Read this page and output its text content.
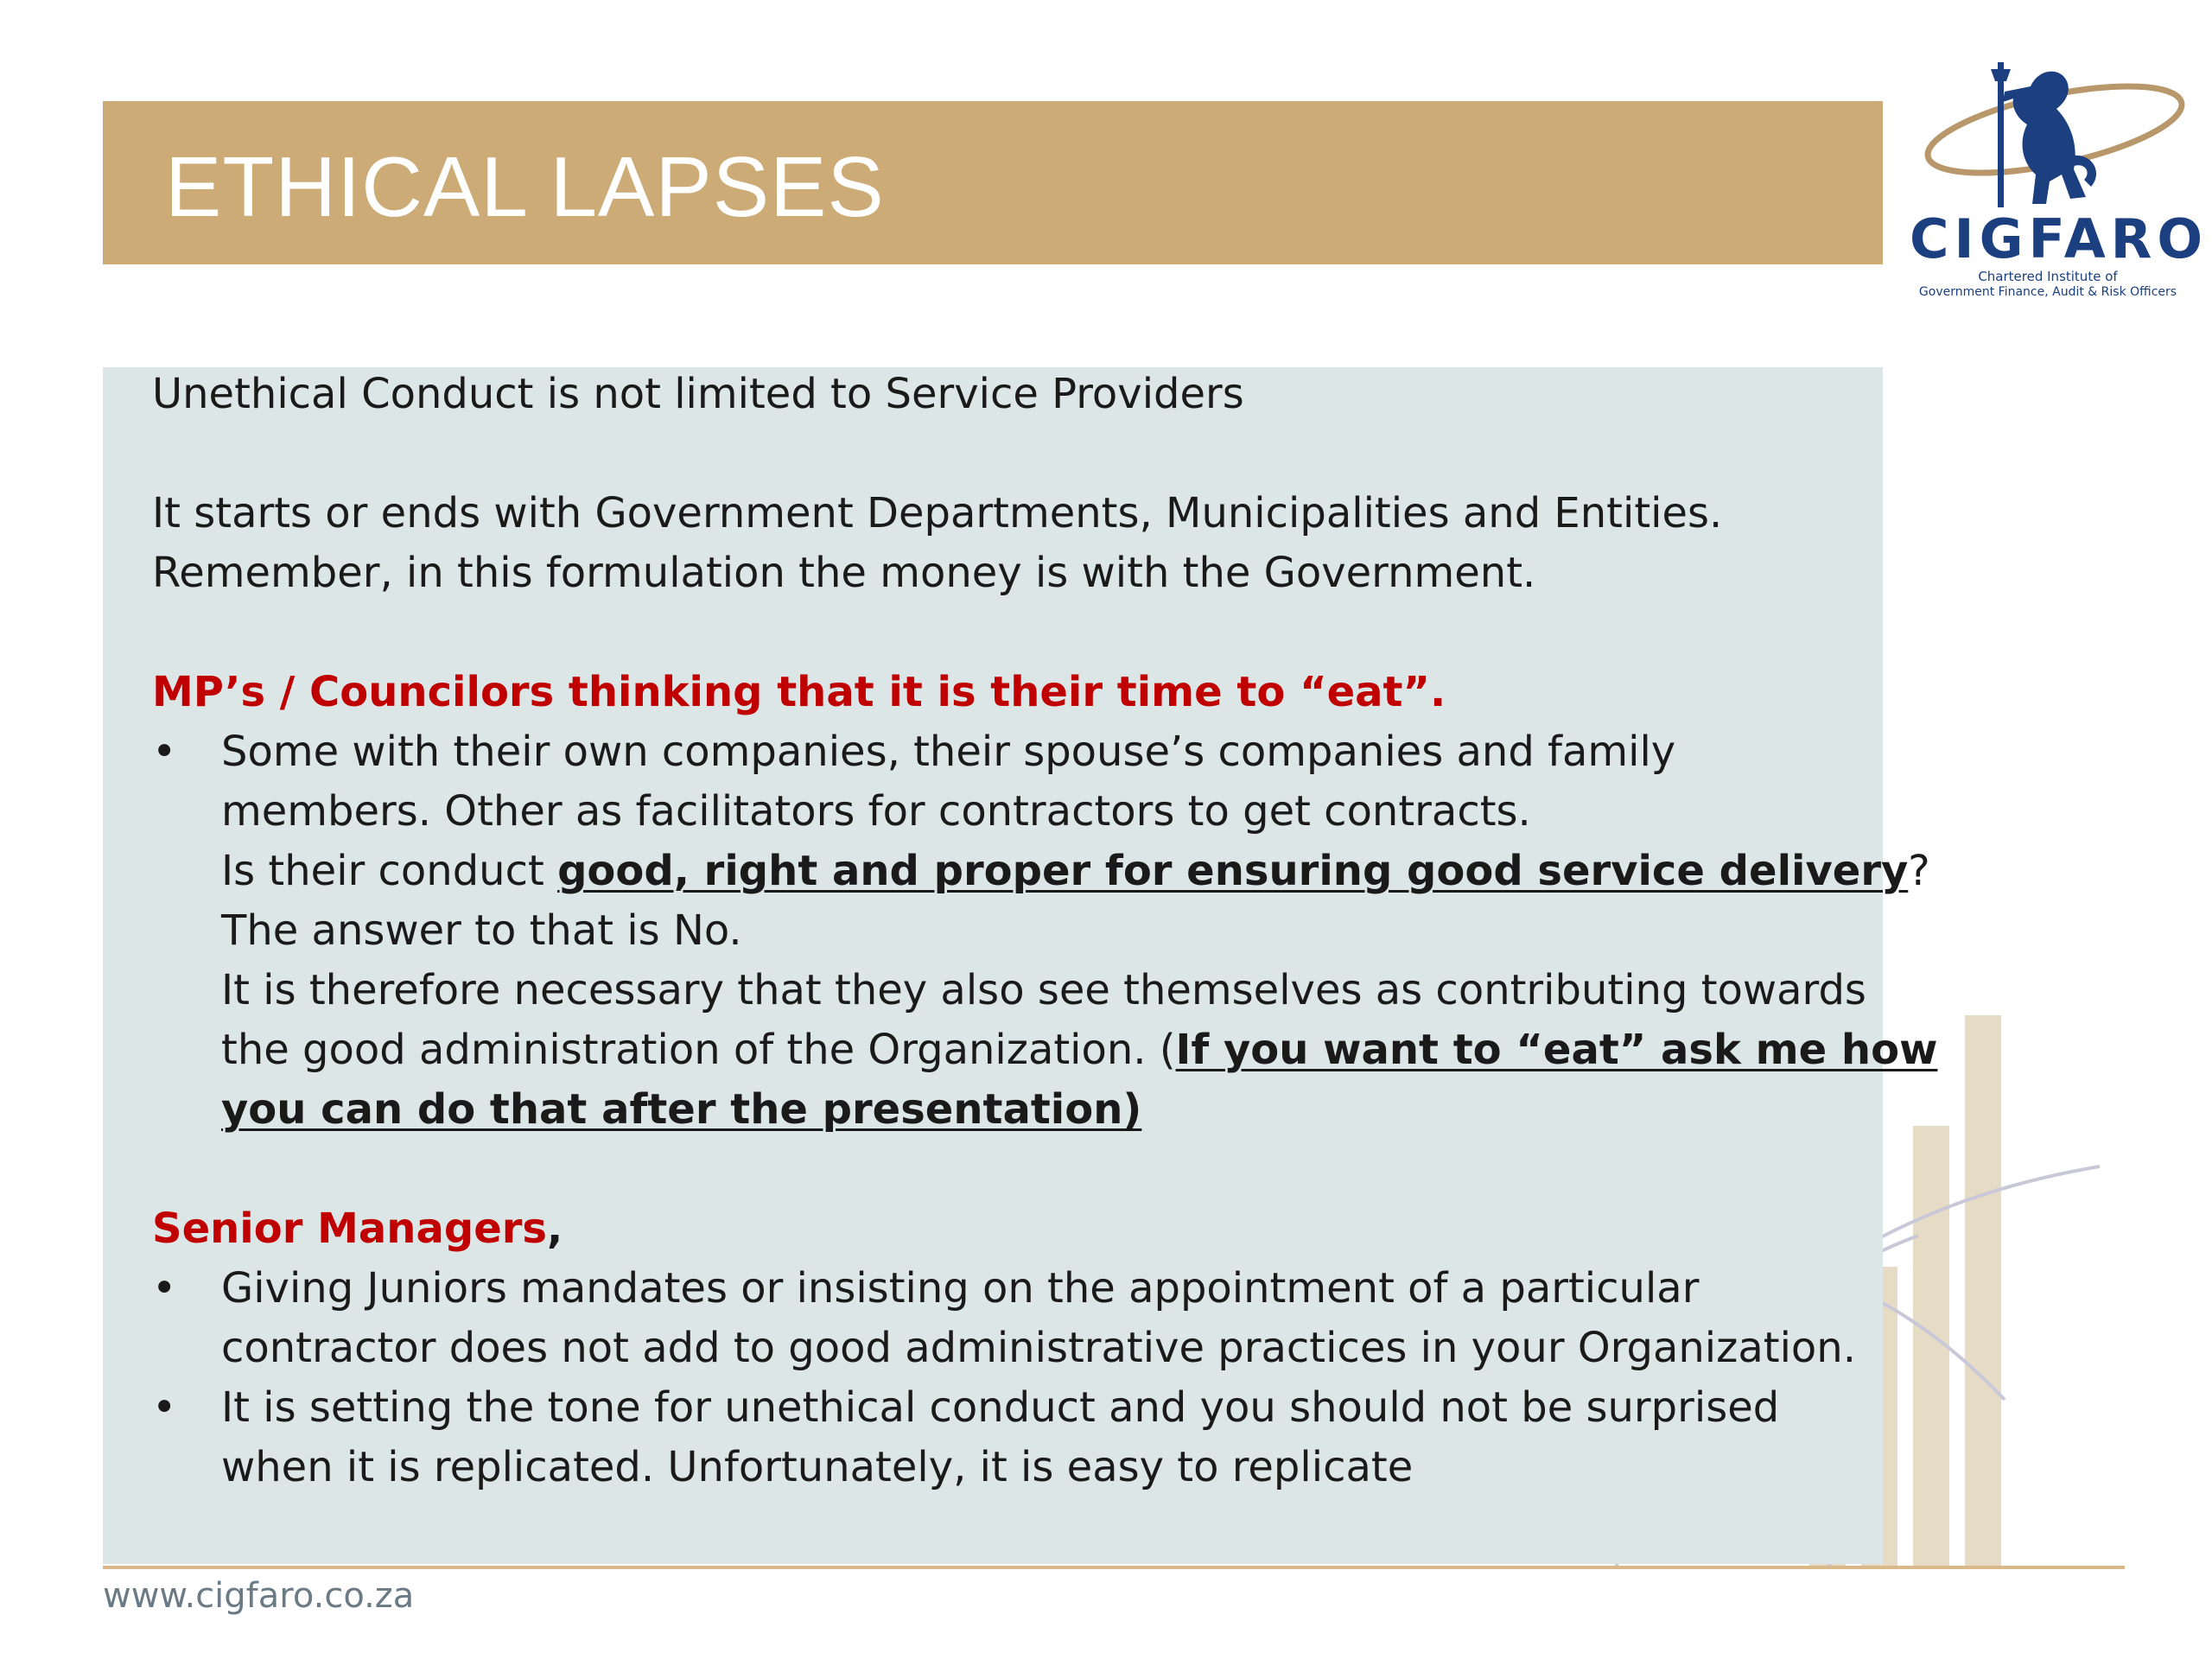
ETHICAL LAPSES
CIGFARO
Chartered Institute of
Government Finance, Audit & Risk Officers
Unethical Conduct is not limited to Service Providers
It starts or ends with Government Departments, Municipalities and Entities.
Remember, in this formulation the money is with the Government.
MP’s / Councilors thinking that it is their time to “eat”.
•	Some with their own companies, their spouse’s companies and family
members. Other as facilitators for contractors to get contracts.
Is their conduct good, right and proper for ensuring good service delivery?
The answer to that is No.
It is therefore necessary that they also see themselves as contributing towards
the good administration of the Organization. (If you want to “eat” ask me how
you can do that after the presentation)
Senior Managers,
•	Giving Juniors mandates or insisting on the appointment of a particular
contractor does not add to good administrative practices in your Organization.
•	It is setting the tone for unethical conduct and you should not be surprised
when it is replicated. Unfortunately, it is easy to replicate
www.cigfaro.co.za
